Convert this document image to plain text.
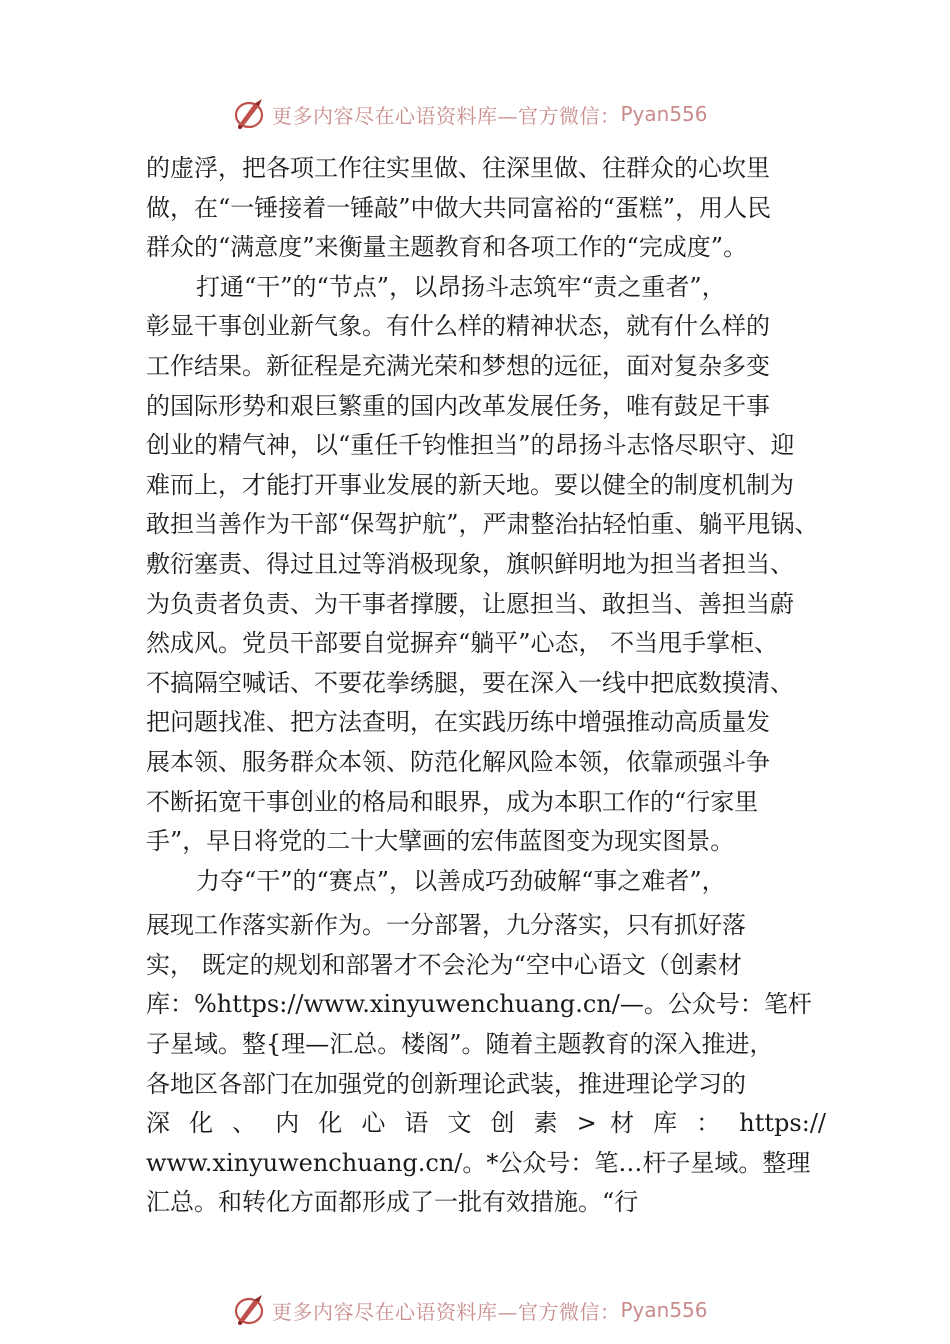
更多内容尽在心语资料库—官方微信： Pyan556
的虚浮，把各项工作往实里做、往深里做、往群众的心坎里
做，在“一锤接着一锤敲”中做大共同富裕的“蛋糕”，用人民
群众的“满意度”来衡量主题教育和各项工作的“完成度”。
打通“干”的“节点”，以昂扬斗志筑牢“责之重者”，
彰显干事创业新气象。有什么样的精神状态，就有什么样的
工作结果。新征程是充满光荣和梦想的远征，面对复杂多变
的国际形势和艰巨繁重的国内改革发展任务，唯有鼓足干事
创业的精气神，以“重任千钧惟担当”的昂扬斗志恪尽职守、迎
难而上，才能打开事业发展的新天地。要以健全的制度机制为
敢担当善作为干部“保驾护航”，严肃整治拈轻怕重、躺平甩锅、
敷衍塞责、得过且过等消极现象，旗帜鲜明地为担当者担当、
为负责者负责、为干事者撑腰，让愿担当、敢担当、善担当蔚
然成风。党员干部要自觉摒弃“躺平”心态， 不当甩手掌柜、
不搞隔空喊话、不要花拳绣腿，要在深入一线中把底数摸清、
把问题找准、把方法查明，在实践历练中增强推动高质量发
展本领、服务群众本领、防范化解风险本领，依靠顽强斗争
不断拓宽干事创业的格局和眼界，成为本职工作的“行家里
手”，早日将党的二十大擘画的宏伟蓝图变为现实图景。
力夺“干”的“赛点”，以善成巧劲破解“事之难者”，
展现工作落实新作为。一分部署，九分落实，只有抓好落
实， 既定的规划和部署才不会沦为“空中心语文（创素材
库：%https://www.xinyuwenchuang.cn/—。公众号：笔杆
子星域。整{理—汇总。楼阁”。随着主题教育的深入推进，
各地区各部门在加强党的创新理论武装，推进理论学习的
深 化 、 内 化 心 语 文 创 素 > 材 库 ： https://
www.xinyuwenchuang.cn/。*公众号：笔…杆子星域。整理
汇总。和转化方面都形成了一批有效措施。“行
更多内容尽在心语资料库—官方微信： Pyan556
